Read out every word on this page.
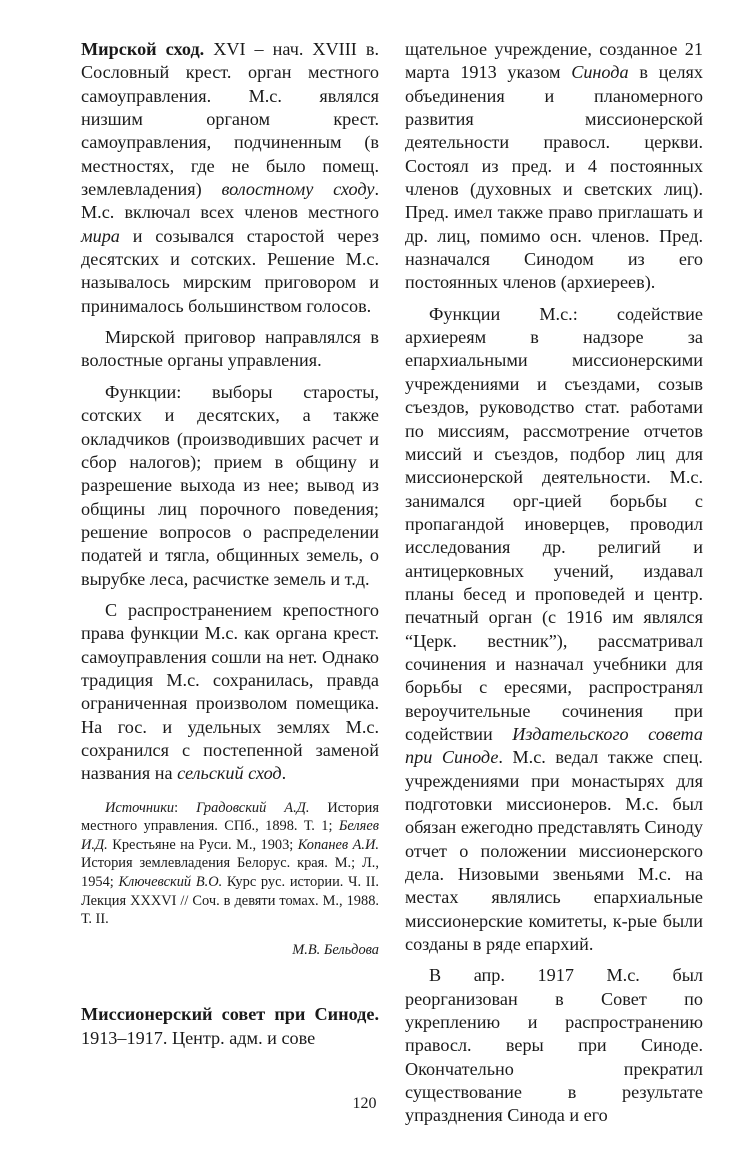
Мирской сход. XVI – нач. XVIII в. Сословный крест. орган местного самоуправления. М.с. являлся низшим органом крест. самоуправления, подчиненным (в местностях, где не было помещ. землевладения) волостному сходу. М.с. включал всех членов местного мира и созывался старостой через десятских и сотских. Решение М.с. называлось мирским приговором и принималось большинством голосов.

Мирской приговор направлялся в волостные органы управления.

Функции: выборы старосты, сотских и десятских, а также окладчиков (производивших расчет и сбор налогов); прием в общину и разрешение выхода из нее; вывод из общины лиц порочного поведения; решение вопросов о распределении податей и тягла, общинных земель, о вырубке леса, расчистке земель и т.д.

С распространением крепостного права функции М.с. как органа крест. самоуправления сошли на нет. Однако традиция М.с. сохранилась, правда ограниченная произволом помещика. На гос. и удельных землях М.с. сохранился с постепенной заменой названия на сельский сход.

Источники: Градовский А.Д. История местного управления. СПб., 1898. Т. 1; Беляев И.Д. Крестьяне на Руси. М., 1903; Копанев А.И. История землевладения Белорус. края. М.; Л., 1954; Ключевский В.О. Курс рус. истории. Ч. II. Лекция XXXVI // Соч. в девяти томах. М., 1988. Т. II.

М.В. Бельдова

Миссионерский совет при Синоде. 1913–1917. Центр. адм. и сове

щательное учреждение, созданное 21 марта 1913 указом Синода в целях объединения и планомерного развития миссионерской деятельности правосл. церкви. Состоял из пред. и 4 постоянных членов (духовных и светских лиц). Пред. имел также право приглашать и др. лиц, помимо осн. членов. Пред. назначался Синодом из его постоянных членов (архиереев).

Функции М.с.: содействие архиереям в надзоре за епархиальными миссионерскими учреждениями и съездами, созыв съездов, руководство стат. работами по миссиям, рассмотрение отчетов миссий и съездов, подбор лиц для миссионерской деятельности. М.с. занимался орг-цией борьбы с пропагандой иноверцев, проводил исследования др. религий и антицерковных учений, издавал планы бесед и проповедей и центр. печатный орган (с 1916 им являлся “Церк. вестник”), рассматривал сочинения и назначал учебники для борьбы с ересями, распространял вероучительные сочинения при содействии Издательского совета при Синоде. М.с. ведал также спец. учреждениями при монастырях для подготовки миссионеров. М.с. был обязан ежегодно представлять Синоду отчет о положении миссионерского дела. Низовыми звеньями М.с. на местах являлись епархиальные миссионерские комитеты, к-рые были созданы в ряде епархий.

В апр. 1917 М.с. был реорганизован в Совет по укреплению и распространению правосл. веры при Синоде. Окончательно прекратил существование в результате упразднения Синода и его

120
